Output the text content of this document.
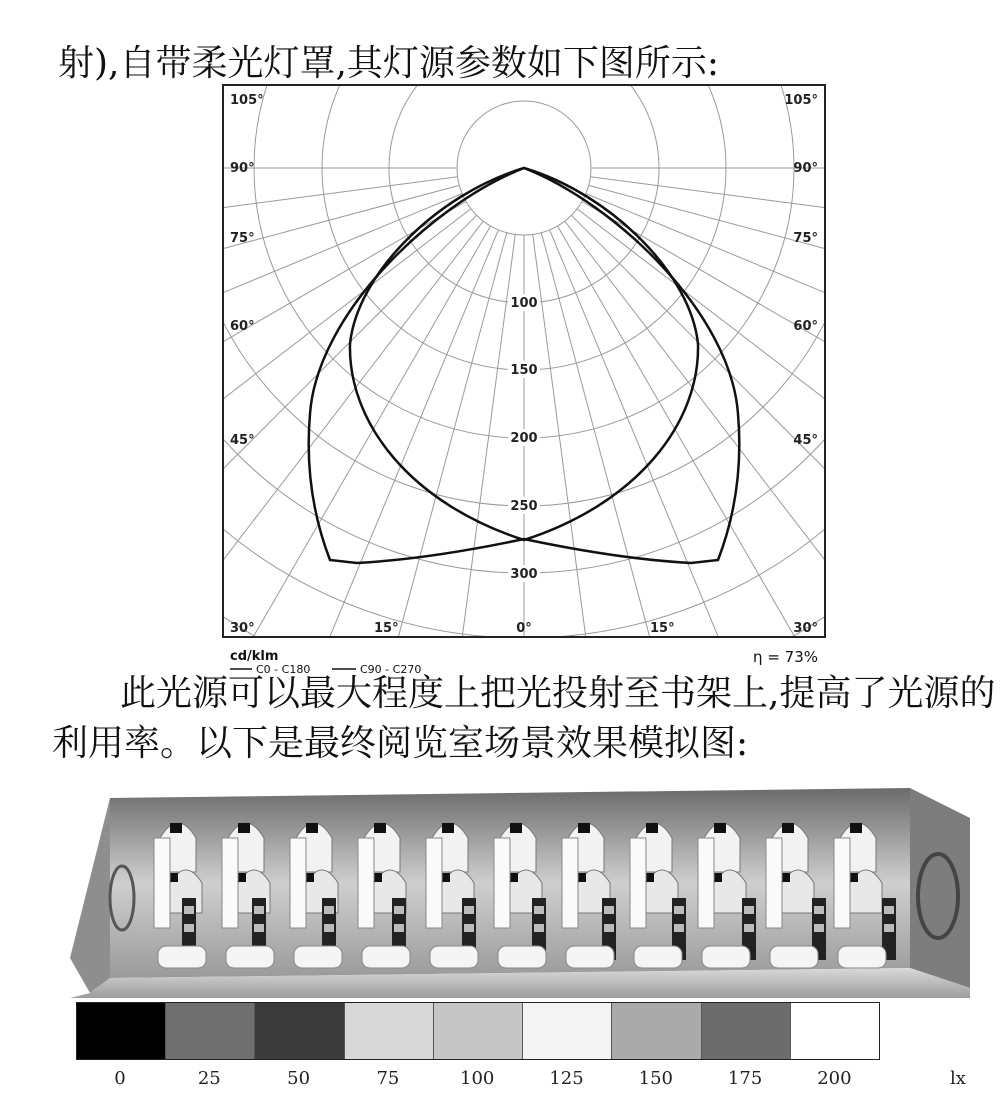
射),自带柔光灯罩,其灯源参数如下图所示:

105°	105°
90°	90°
75°	75°
60°	60°
45°	45°
30°	30°
15°	15°
0°
100
150
200
250
300
cd/klm
C0 - C180	C90 - C270
η = 73%

此光源可以最大程度上把光投射至书架上,提高了光源的

利用率。以下是最终阅览室场景效果模拟图:

0	25	50	75	100	125	150	175	200	lx
